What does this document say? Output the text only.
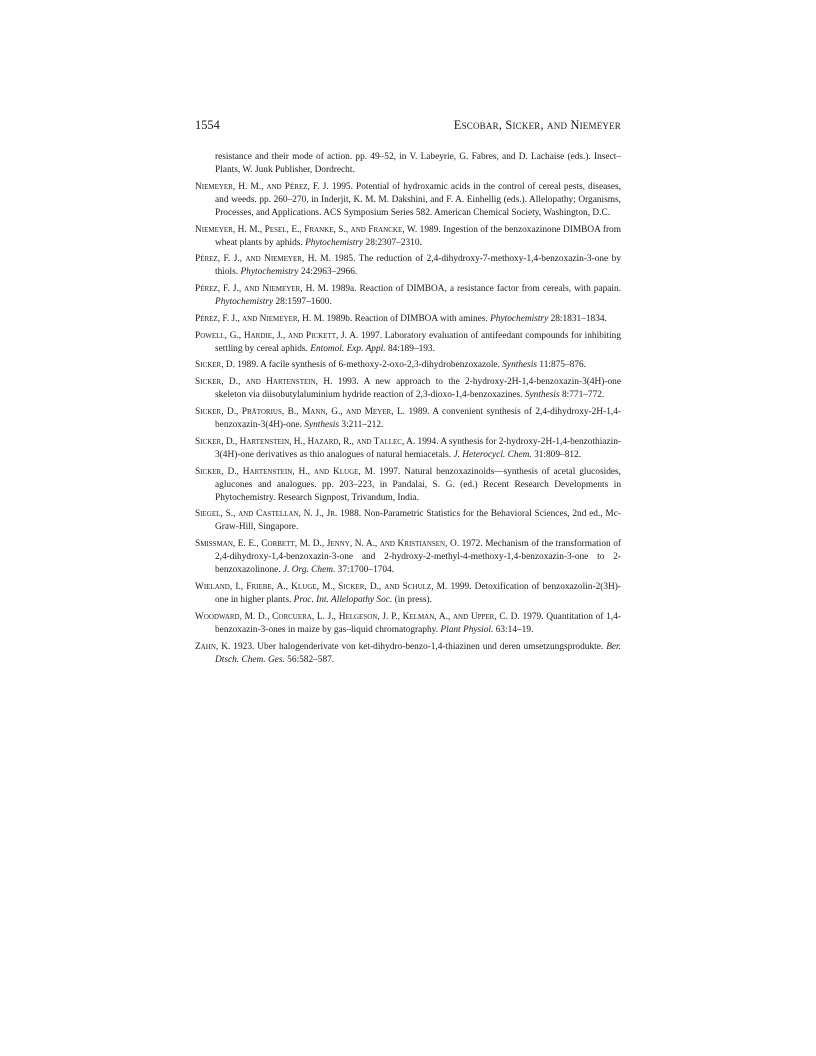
1554	Escobar, Sicker, and Niemeyer
resistance and their mode of action. pp. 49–52, in V. Labeyrie, G. Fabres, and D. Lachaise (eds.). Insect–Plants, W. Junk Publisher, Dordrecht.
Niemeyer, H. M., and Pérez, F. J. 1995. Potential of hydroxamic acids in the control of cereal pests, diseases, and weeds. pp. 260–270, in Inderjit, K. M. M. Dakshini, and F. A. Einhellig (eds.). Allelopathy; Organisms, Processes, and Applications. ACS Symposium Series 582. American Chemical Society, Washington, D.C.
Niemeyer, H. M., Pesel, E., Franke, S., and Francke, W. 1989. Ingestion of the benzoxazinone DIMBOA from wheat plants by aphids. Phytochemistry 28:2307–2310.
Pérez, F. J., and Niemeyer, H. M. 1985. The reduction of 2,4-dihydroxy-7-methoxy-1,4-benzoxazin-3-one by thiols. Phytochemistry 24:2963–2966.
Pérez, F. J., and Niemeyer, H. M. 1989a. Reaction of DIMBOA, a resistance factor from cereals, with papain. Phytochemistry 28:1597–1600.
Pérez, F. J., and Niemeyer, H. M. 1989b. Reaction of DIMBOA with amines. Phytochemistry 28:1831–1834.
Powell, G., Hardie, J., and Pickett, J. A. 1997. Laboratory evaluation of antifeedant compounds for inhibiting settling by cereal aphids. Entomol. Exp. Appl. 84:189–193.
Sicker, D. 1989. A facile synthesis of 6-methoxy-2-oxo-2,3-dihydrobenzoxazole. Synthesis 11:875–876.
Sicker, D., and Hartenstein, H. 1993. A new approach to the 2-hydroxy-2H-1,4-benzoxazin-3(4H)-one skeleton via diisobutylaluminium hydride reaction of 2,3-dioxo-1,4-benzoxazines. Synthesis 8:771–772.
Sicker, D., Prätorius, B., Mann, G., and Meyer, L. 1989. A convenient synthesis of 2,4-dihydroxy-2H-1,4-benzoxazin-3(4H)-one. Synthesis 3:211–212.
Sicker, D., Hartenstein, H., Hazard, R., and Tallec, A. 1994. A synthesis for 2-hydroxy-2H-1,4-benzothiazin-3(4H)-one derivatives as thio analogues of natural hemiacetals. J. Heterocycl. Chem. 31:809–812.
Sicker, D., Hartenstein, H., and Kluge, M. 1997. Natural benzoxazinoids—synthesis of acetal glucosides, aglucones and analogues. pp. 203–223, in Pandalai, S. G. (ed.) Recent Research Developments in Phytochemistry. Research Signpost, Trivandum, India.
Siegel, S., and Castellan, N. J., Jr. 1988. Non-Parametric Statistics for the Behavioral Sciences, 2nd ed., Mc-Graw-Hill, Singapore.
Smissman, E. E., Corbett, M. D., Jenny, N. A., and Kristiansen, O. 1972. Mechanism of the transformation of 2,4-dihydroxy-1,4-benzoxazin-3-one and 2-hydroxy-2-methyl-4-methoxy-1,4-benzoxazin-3-one to 2-benzoxazolinone. J. Org. Chem. 37:1700–1704.
Wieland, I., Friebe, A., Kluge, M., Sicker, D., and Schulz, M. 1999. Detoxification of benzoxazolin-2(3H)-one in higher plants. Proc. Int. Allelopathy Soc. (in press).
Woodward, M. D., Corcuera, L. J., Helgeson, J. P., Kelman, A., and Upper, C. D. 1979. Quantitation of 1,4-benzoxazin-3-ones in maize by gas–liquid chromatography. Plant Physiol. 63:14–19.
Zahn, K. 1923. Uber halogenderivate von ket-dihydro-benzo-1,4-thiazinen und deren umsetzungsprodukte. Ber. Dtsch. Chem. Ges. 56:582–587.
